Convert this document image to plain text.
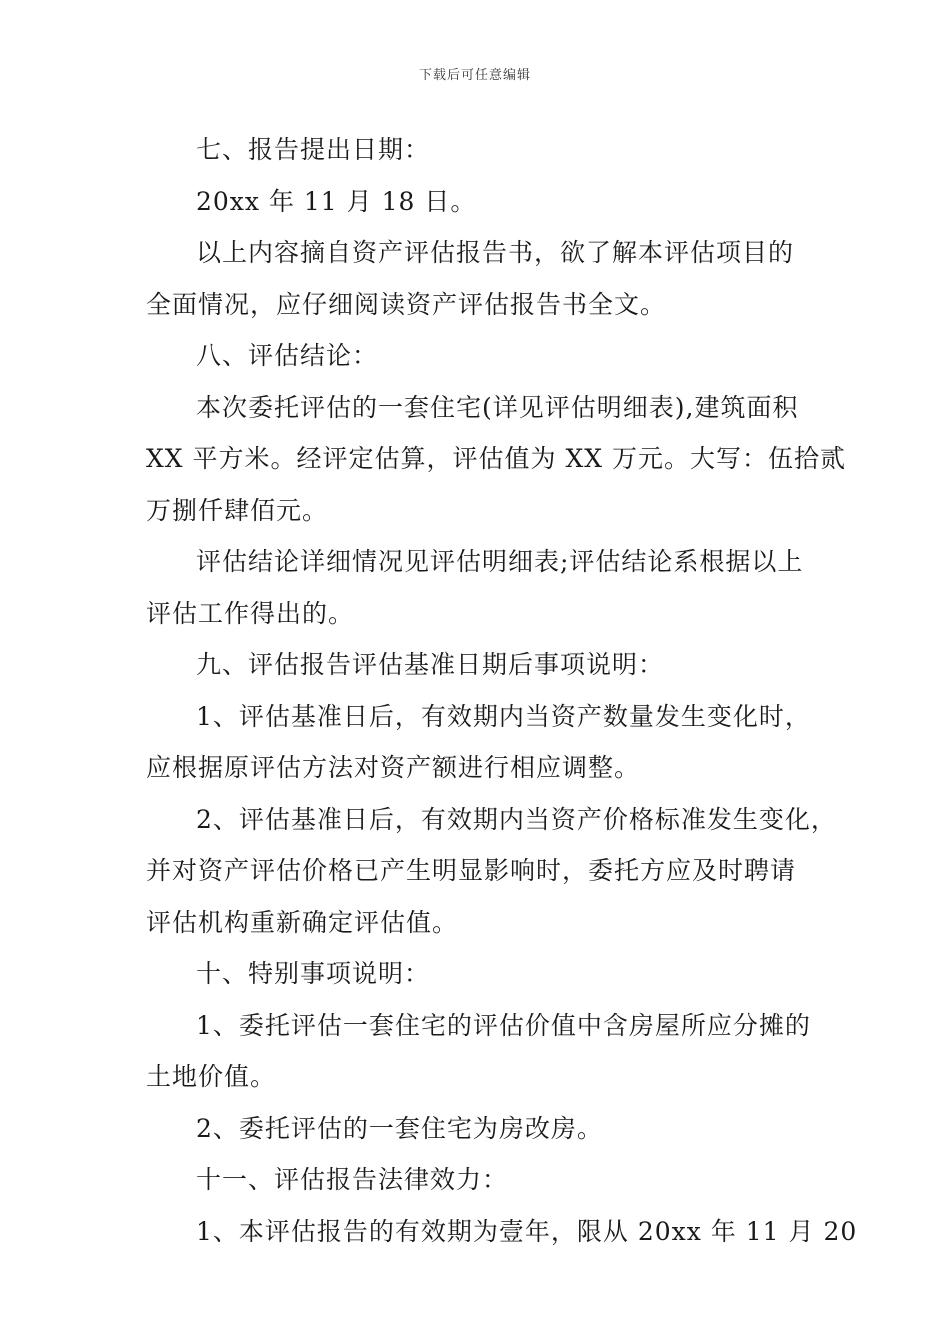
下载后可任意编辑
七、报告提出日期：
20xx 年 11 月 18 日。
以上内容摘自资产评估报告书，欲了解本评估项目的
全面情况，应仔细阅读资产评估报告书全文。
八、评估结论：
本次委托评估的一套住宅(详见评估明细表),建筑面积
XX 平方米。经评定估算，评估值为 XX 万元。大写：伍拾贰
万捌仟肆佰元。
评估结论详细情况见评估明细表;评估结论系根据以上
评估工作得出的。
九、评估报告评估基准日期后事项说明：
1、评估基准日后，有效期内当资产数量发生变化时，
应根据原评估方法对资产额进行相应调整。
2、评估基准日后，有效期内当资产价格标准发生变化，
并对资产评估价格已产生明显影响时，委托方应及时聘请
评估机构重新确定评估值。
十、特别事项说明：
1、委托评估一套住宅的评估价值中含房屋所应分摊的
土地价值。
2、委托评估的一套住宅为房改房。
十一、评估报告法律效力：
1、本评估报告的有效期为壹年，限从 20xx 年 11 月 20
